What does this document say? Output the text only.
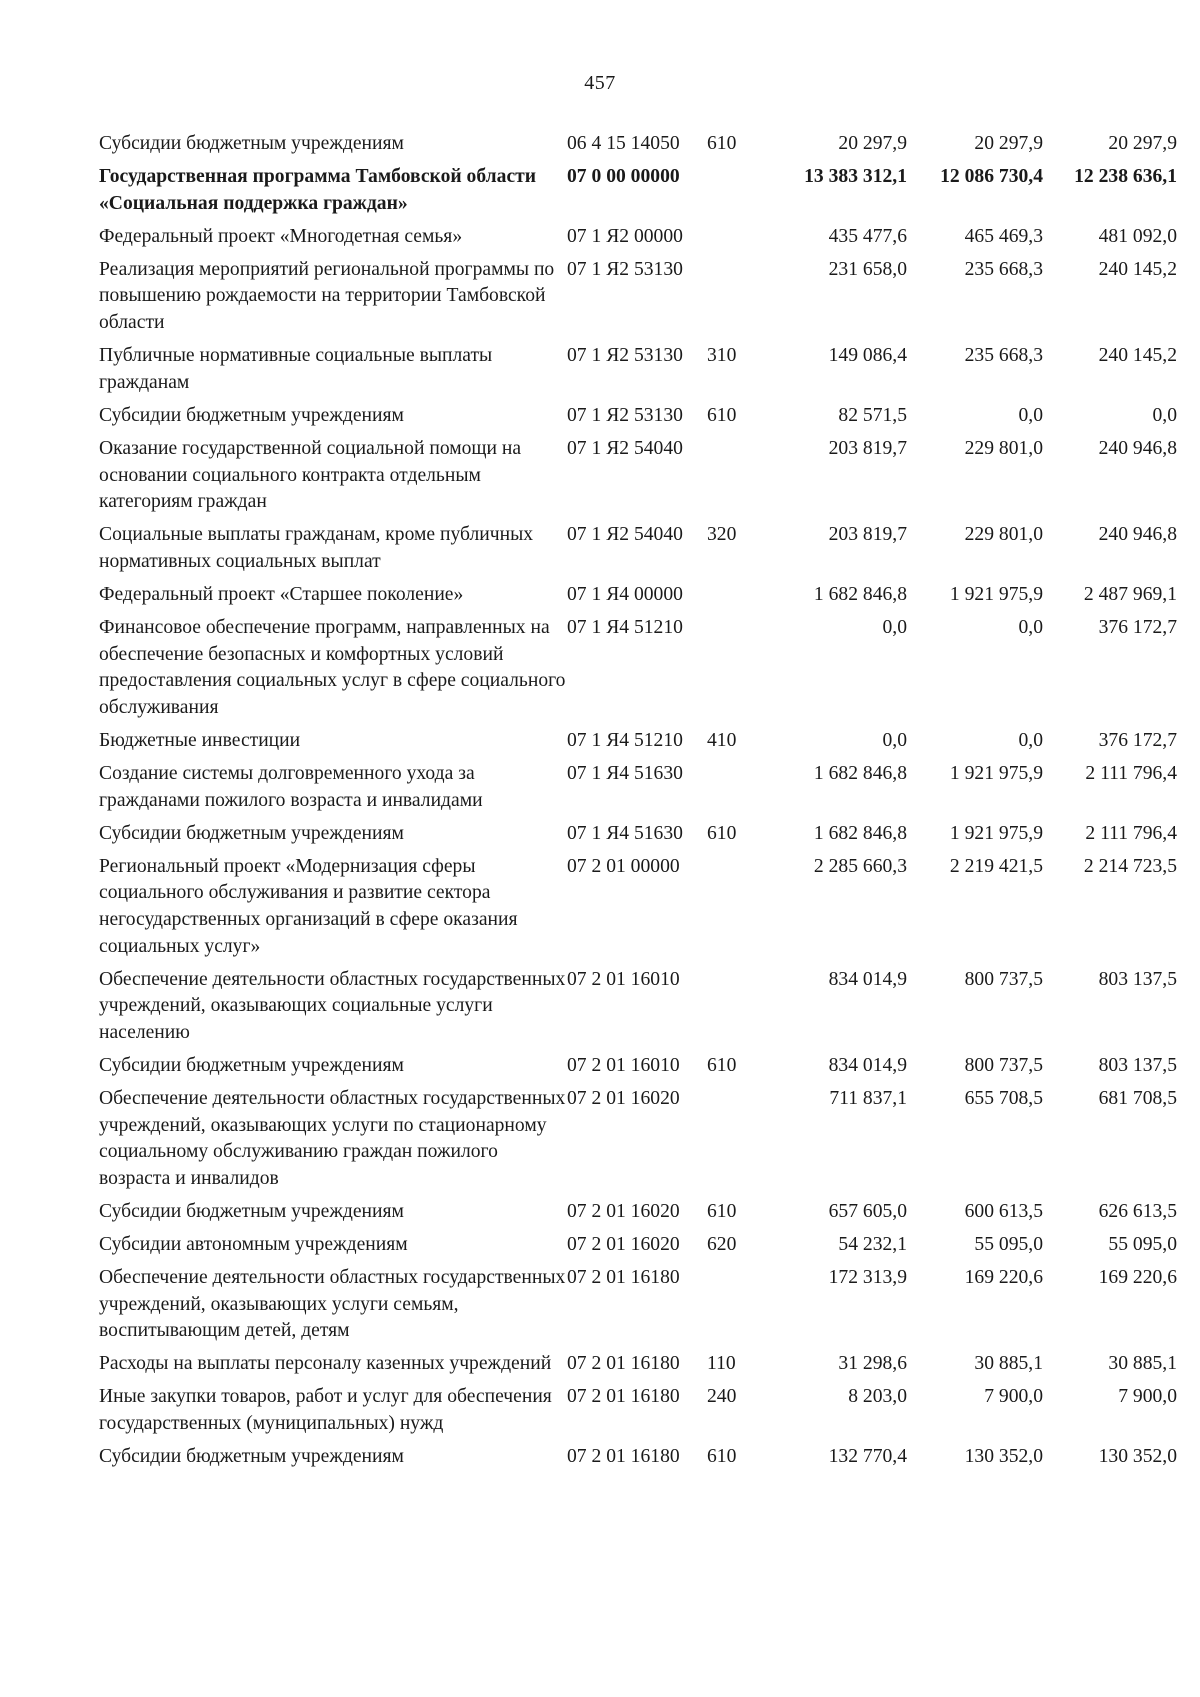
457
Субсидии бюджетным учреждениям	06 4 15 14050	610	20 297,9	20 297,9	20 297,9
Государственная программа Тамбовской области «Социальная поддержка граждан»	07 0 00 00000		13 383 312,1	12 086 730,4	12 238 636,1
Федеральный проект «Многодетная семья»	07 1 Я2 00000		435 477,6	465 469,3	481 092,0
Реализация мероприятий региональной программы по повышению рождаемости на территории Тамбовской области	07 1 Я2 53130		231 658,0	235 668,3	240 145,2
Публичные нормативные социальные выплаты гражданам	07 1 Я2 53130	310	149 086,4	235 668,3	240 145,2
Субсидии бюджетным учреждениям	07 1 Я2 53130	610	82 571,5	0,0	0,0
Оказание государственной социальной помощи на основании социального контракта отдельным категориям граждан	07 1 Я2 54040		203 819,7	229 801,0	240 946,8
Социальные выплаты гражданам, кроме публичных нормативных социальных выплат	07 1 Я2 54040	320	203 819,7	229 801,0	240 946,8
Федеральный проект «Старшее поколение»	07 1 Я4 00000		1 682 846,8	1 921 975,9	2 487 969,1
Финансовое обеспечение программ, направленных на обеспечение безопасных и комфортных условий предоставления социальных услуг в сфере социального обслуживания	07 1 Я4 51210		0,0	0,0	376 172,7
Бюджетные инвестиции	07 1 Я4 51210	410	0,0	0,0	376 172,7
Создание системы долговременного ухода за гражданами пожилого возраста и инвалидами	07 1 Я4 51630		1 682 846,8	1 921 975,9	2 111 796,4
Субсидии бюджетным учреждениям	07 1 Я4 51630	610	1 682 846,8	1 921 975,9	2 111 796,4
Региональный проект «Модернизация сферы социального обслуживания и развитие сектора негосударственных организаций в сфере оказания социальных услуг»	07 2 01 00000		2 285 660,3	2 219 421,5	2 214 723,5
Обеспечение деятельности областных государственных учреждений, оказывающих социальные услуги населению	07 2 01 16010		834 014,9	800 737,5	803 137,5
Субсидии бюджетным учреждениям	07 2 01 16010	610	834 014,9	800 737,5	803 137,5
Обеспечение деятельности областных государственных учреждений, оказывающих услуги по стационарному социальному обслуживанию граждан пожилого возраста и инвалидов	07 2 01 16020		711 837,1	655 708,5	681 708,5
Субсидии бюджетным учреждениям	07 2 01 16020	610	657 605,0	600 613,5	626 613,5
Субсидии автономным учреждениям	07 2 01 16020	620	54 232,1	55 095,0	55 095,0
Обеспечение деятельности областных государственных учреждений, оказывающих услуги семьям, воспитывающим детей, детям	07 2 01 16180		172 313,9	169 220,6	169 220,6
Расходы на выплаты персоналу казенных учреждений	07 2 01 16180	110	31 298,6	30 885,1	30 885,1
Иные закупки товаров, работ и услуг для обеспечения государственных (муниципальных) нужд	07 2 01 16180	240	8 203,0	7 900,0	7 900,0
Субсидии бюджетным учреждениям	07 2 01 16180	610	132 770,4	130 352,0	130 352,0
